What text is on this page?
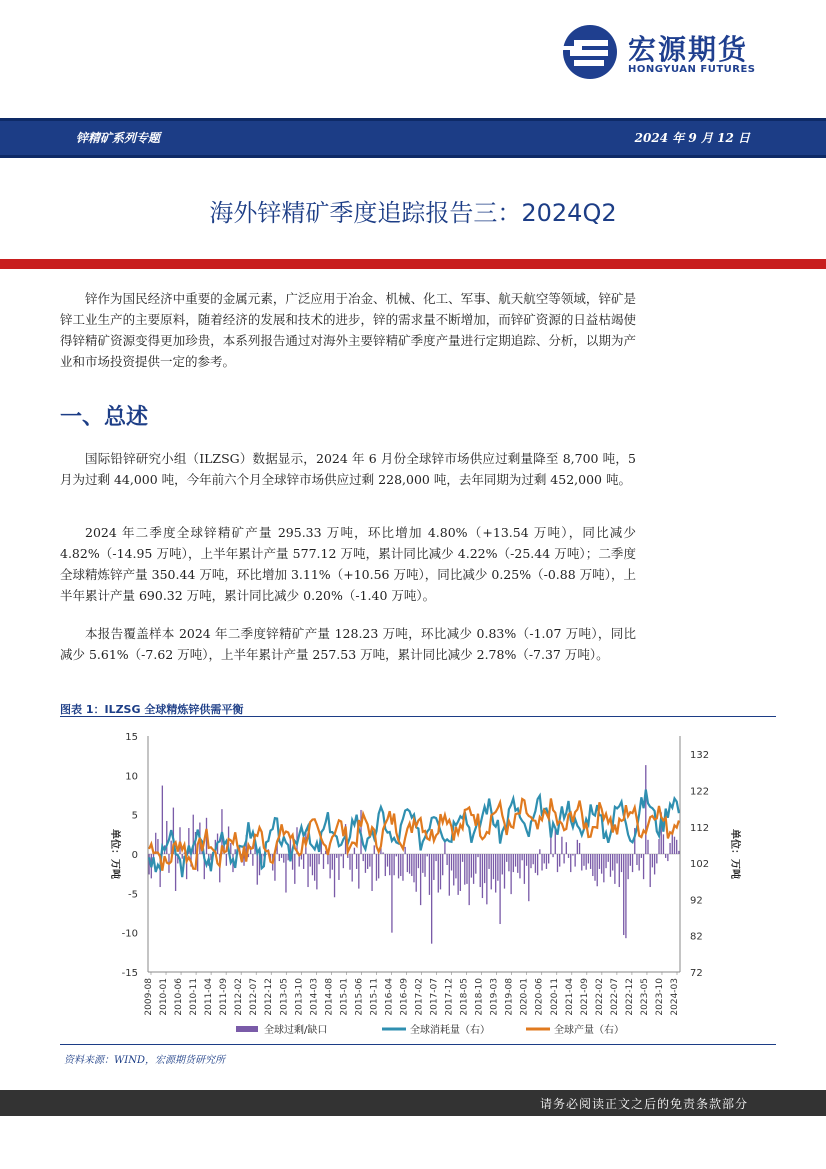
宏源期货
HONGYUAN FUTURES
锌精矿系列专题	2024 年 9 月 12 日
海外锌精矿季度追踪报告三：2024Q2

锌作为国民经济中重要的金属元素，广泛应用于冶金、机械、化工、军事、航天航空等领域，锌矿是锌工业生产的主要原料，随着经济的发展和技术的进步，锌的需求量不断增加，而锌矿资源的日益枯竭使得锌精矿资源变得更加珍贵，本系列报告通过对海外主要锌精矿季度产量进行定期追踪、分析，以期为产业和市场投资提供一定的参考。

一、总述

国际铅锌研究小组（ILZSG）数据显示，2024 年 6 月份全球锌市场供应过剩量降至 8,700 吨，5 月为过剩 44,000 吨，今年前六个月全球锌市场供应过剩 228,000 吨，去年同期为过剩 452,000 吨。

2024 年二季度全球锌精矿产量 295.33 万吨，环比增加 4.80%（+13.54 万吨），同比减少 4.82%（-14.95 万吨），上半年累计产量 577.12 万吨，累计同比减少 4.22%（-25.44 万吨）；二季度全球精炼锌产量 350.44 万吨，环比增加 3.11%（+10.56 万吨），同比减少 0.25%（-0.88 万吨），上半年累计产量 690.32 万吨，累计同比减少 0.20%（-1.40 万吨）。

本报告覆盖样本 2024 年二季度锌精矿产量 128.23 万吨，环比减少 0.83%（-1.07 万吨），同比减少 5.61%（-7.62 万吨），上半年累计产量 257.53 万吨，累计同比减少 2.78%（-7.37 万吨）。

图表 1：ILZSG 全球精炼锌供需平衡
-15
-10
-5
0
5
10
15
72
82
92
102
112
122
132
单位：万吨	单位：万吨
2009-08 2010-01 2010-06 2010-11 2011-04 2011-09 2012-02 2012-07 2012-12 2013-05 2013-10 2014-03 2014-08 2015-01 2015-06 2015-11 2016-04 2016-09 2017-02 2017-07 2017-12 2018-05 2018-10 2019-03 2019-08 2020-01 2020-06 2020-11 2021-04 2021-09 2022-02 2022-07 2022-12 2023-05 2023-10 2024-03
全球过剩/缺口	全球消耗量（右）	全球产量（右）
资料来源：WIND，宏源期货研究所
请务必阅读正文之后的免责条款部分
